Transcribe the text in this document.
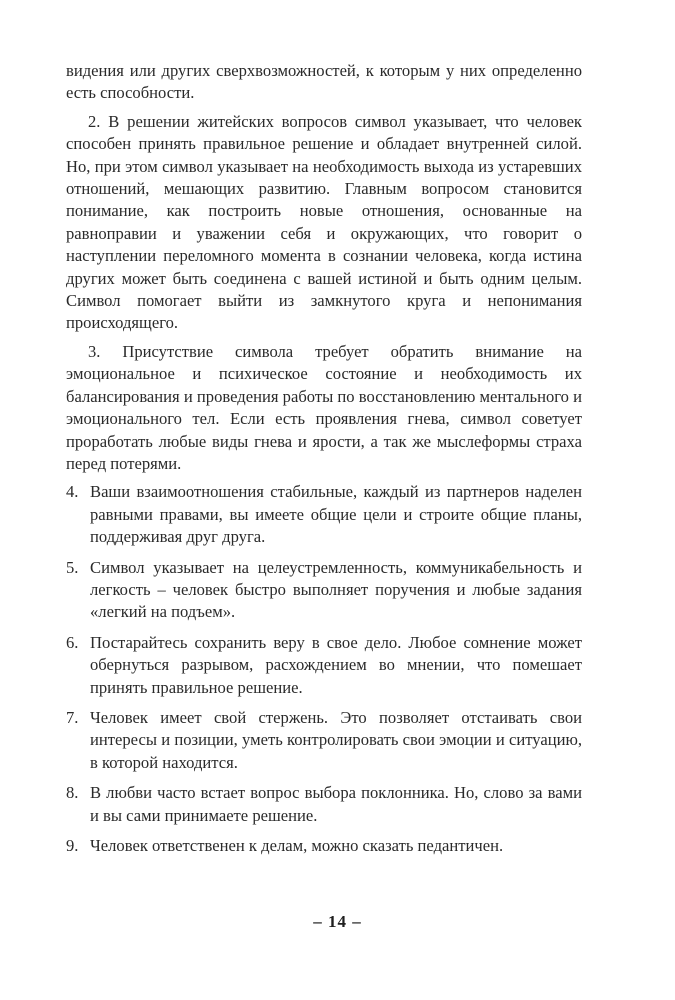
видения или других сверхвозможностей, к которым у них определенно есть способности.

2. В решении житейских вопросов символ указывает, что человек способен принять правильное решение и обладает внутренней силой. Но, при этом символ указывает на необходимость выхода из устаревших отношений, мешающих развитию. Главным вопросом становится понимание, как построить новые отношения, основанные на равноправии и уважении себя и окружающих, что говорит о наступлении переломного момента в сознании человека, когда истина других может быть соединена с вашей истиной и быть одним целым. Символ помогает выйти из замкнутого круга и непонимания происходящего.

3. Присутствие символа требует обратить внимание на эмоциональное и психическое состояние и необходимость их балансирования и проведения работы по восстановлению ментального и эмоционального тел. Если есть проявления гнева, символ советует проработать любые виды гнева и ярости, а так же мыслеформы страха перед потерями.

4. Ваши взаимоотношения стабильные, каждый из партнеров наделен равными правами, вы имеете общие цели и строите общие планы, поддерживая друг друга.
5. Символ указывает на целеустремленность, коммуникабельность и легкость – человек быстро выполняет поручения и любые задания «легкий на подъем».
6. Постарайтесь сохранить веру в свое дело. Любое сомнение может обернуться разрывом, расхождением во мнении, что помешает принять правильное решение.
7. Человек имеет свой стержень. Это позволяет отстаивать свои интересы и позиции, уметь контролировать свои эмоции и ситуацию, в которой находится.
8. В любви часто встает вопрос выбора поклонника. Но, слово за вами и вы сами принимаете решение.
9. Человек ответственен к делам, можно сказать педантичен.
– 14 –
